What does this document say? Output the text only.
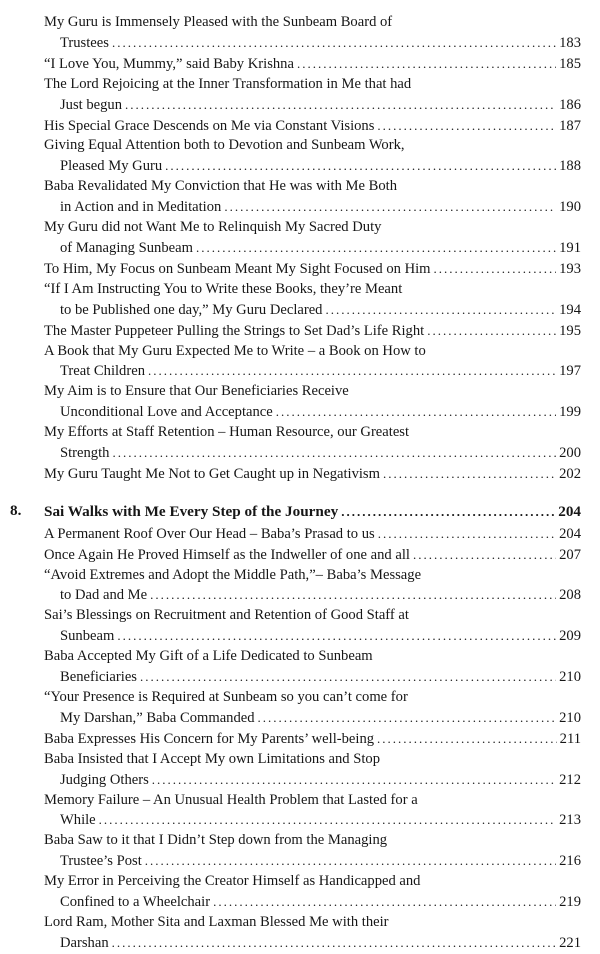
My Guru is Immensely Pleased with the Sunbeam Board of
Trustees .....	183
“I Love You, Mummy,” said Baby Krishna .....	185
The Lord Rejoicing at the Inner Transformation in Me that had
Just begun .....	186
His Special Grace Descends on Me via Constant Visions .....	187
Giving Equal Attention both to Devotion and Sunbeam Work,
Pleased My Guru .....	188
Baba Revalidated My Conviction that He was with Me Both
in Action and in Meditation .....	190
My Guru did not Want Me to Relinquish My Sacred Duty
of Managing Sunbeam .....	191
To Him, My Focus on Sunbeam Meant My Sight Focused on Him .....	193
“If I Am Instructing You to Write these Books, they’re Meant
to be Published one day,” My Guru Declared .....	194
The Master Puppeteer Pulling the Strings to Set Dad’s Life Right .....	195
A Book that My Guru Expected Me to Write – a Book on How to
Treat Children .....	197
My Aim is to Ensure that Our Beneficiaries Receive
Unconditional Love and Acceptance .....	199
My Efforts at Staff Retention – Human Resource, our Greatest
Strength .....	200
My Guru Taught Me Not to Get Caught up in Negativism .....	202
8. Sai Walks with Me Every Step of the Journey .....	204
A Permanent Roof Over Our Head – Baba’s Prasad to us .....	204
Once Again He Proved Himself as the Indweller of one and all .....	207
“Avoid Extremes and Adopt the Middle Path,”– Baba’s Message
to Dad and Me .....	208
Sai’s Blessings on Recruitment and Retention of Good Staff at
Sunbeam .....	209
Baba Accepted My Gift of a Life Dedicated to Sunbeam
Beneficiaries .....	210
“Your Presence is Required at Sunbeam so you can’t come for
My Darshan,” Baba Commanded .....	210
Baba Expresses His Concern for My Parents’ well-being .....	211
Baba Insisted that I Accept My own Limitations and Stop
Judging Others .....	212
Memory Failure – An Unusual Health Problem that Lasted for a
While .....	213
Baba Saw to it that I Didn’t Step down from the Managing
Trustee’s Post .....	216
My Error in Perceiving the Creator Himself as Handicapped and
Confined to a Wheelchair .....	219
Lord Ram, Mother Sita and Laxman Blessed Me with their
Darshan .....	221
